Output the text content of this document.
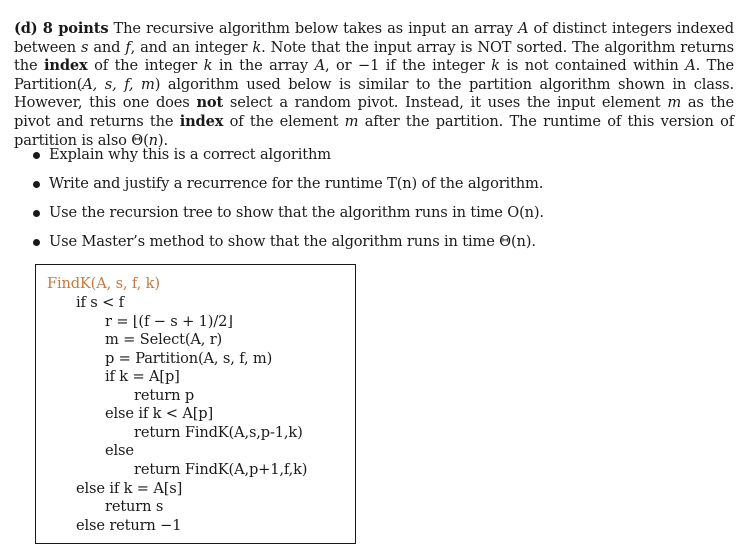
(d) 8 points The recursive algorithm below takes as input an array A of distinct integers indexed between s and f, and an integer k. Note that the input array is NOT sorted. The algorithm returns the index of the integer k in the array A, or −1 if the integer k is not contained within A. The Partition(A, s, f, m) algorithm used below is similar to the partition algorithm shown in class. However, this one does not select a random pivot. Instead, it uses the input element m as the pivot and returns the index of the element m after the partition. The runtime of this version of partition is also Θ(n).
Explain why this is a correct algorithm
Write and justify a recurrence for the runtime T(n) of the algorithm.
Use the recursion tree to show that the algorithm runs in time O(n).
Use Master’s method to show that the algorithm runs in time Θ(n).
FindK(A, s, f, k)
if s < f
r = ⌊(f − s + 1)/2⌋
m = Select(A, r)
p = Partition(A, s, f, m)
if k = A[p]
return p
else if k < A[p]
return FindK(A,s,p-1,k)
else
return FindK(A,p+1,f,k)
else if k = A[s]
return s
else return −1
